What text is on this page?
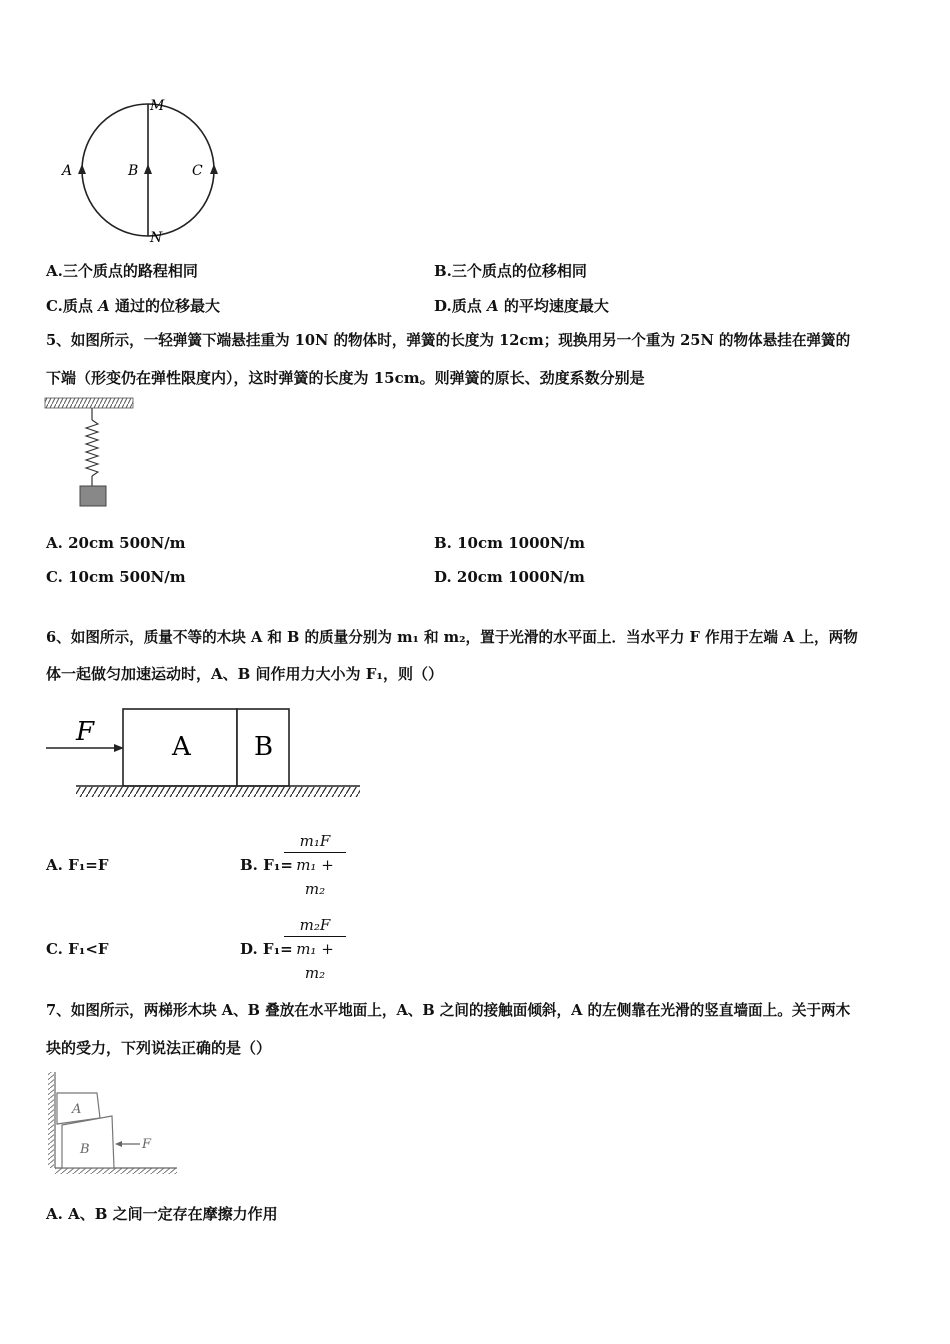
M
N
A	B	C
A.三个质点的路程相同	B.三个质点的位移相同
C.质点 A 通过的位移最大	D.质点 A 的平均速度最大
5、如图所示，一轻弹簧下端悬挂重为 10N 的物体时，弹簧的长度为 12cm；现换用另一个重为 25N 的物体悬挂在弹簧的
下端（形变仍在弹性限度内），这时弹簧的长度为 15cm。则弹簧的原长、劲度系数分别是
A. 20cm 500N/m	B. 10cm 1000N/m
C. 10cm 500N/m	D. 20cm 1000N/m
6、如图所示，质量不等的木块 A 和 B 的质量分别为 m₁ 和 m₂，置于光滑的水平面上．当水平力 F 作用于左端 A 上，两物
体一起做匀加速运动时，A、B 间作用力大小为 F₁，则（）
F	A B
A. F₁=F	B. F₁=
$\frac{\text{m₁F}}{\text{m₁ + m₂}}$
C. F₁<F	D. F₁=
$\frac{\text{m₂F}}{\text{m₁ + m₂}}$
7、如图所示，两梯形木块 A、B 叠放在水平地面上，A、B 之间的接触面倾斜，A 的左侧靠在光滑的竖直墙面上。关于两木
块的受力，下列说法正确的是（）
A
B	F
A. A、B 之间一定存在摩擦力作用
